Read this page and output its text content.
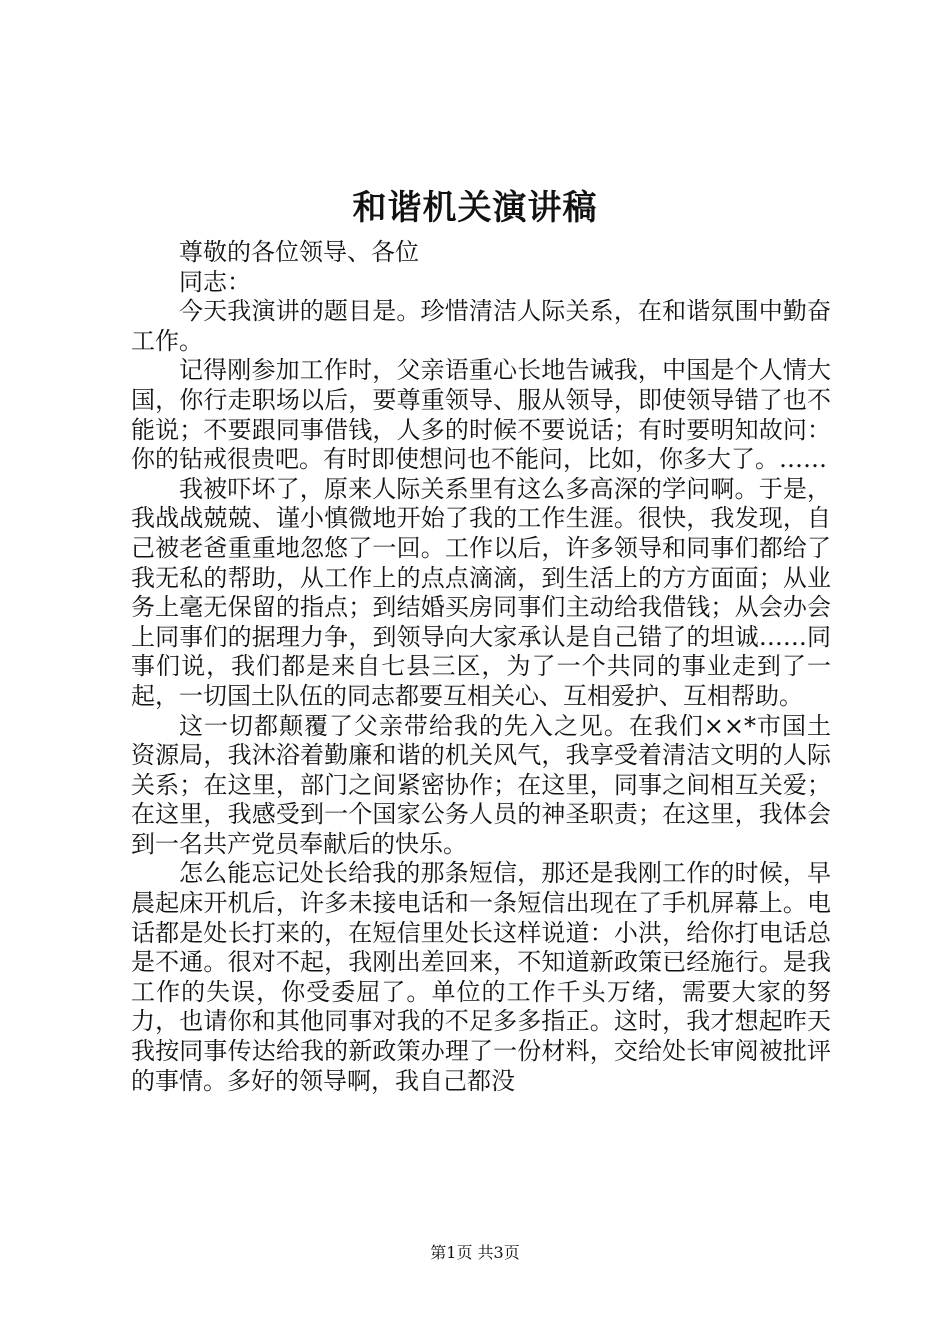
和谐机关演讲稿

尊敬的各位领导、各位

同志：

今天我演讲的题目是。珍惜清洁人际关系，在和谐氛围中勤奋工作。

记得刚参加工作时，父亲语重心长地告诫我，中国是个人情大国，你行走职场以后，要尊重领导、服从领导，即使领导错了也不能说；不要跟同事借钱，人多的时候不要说话；有时要明知故问：你的钻戒很贵吧。有时即使想问也不能问，比如，你多大了。……

我被吓坏了，原来人际关系里有这么多高深的学问啊。于是，我战战兢兢、谨小慎微地开始了我的工作生涯。很快，我发现，自己被老爸重重地忽悠了一回。工作以后，许多领导和同事们都给了我无私的帮助，从工作上的点点滴滴，到生活上的方方面面；从业务上毫无保留的指点；到结婚买房同事们主动给我借钱；从会办会上同事们的据理力争，到领导向大家承认是自己错了的坦诚……同事们说，我们都是来自七县三区，为了一个共同的事业走到了一起，一切国土队伍的同志都要互相关心、互相爱护、互相帮助。

这一切都颠覆了父亲带给我的先入之见。在我们××*市国土资源局，我沐浴着勤廉和谐的机关风气，我享受着清洁文明的人际关系；在这里，部门之间紧密协作；在这里，同事之间相互关爱；在这里，我感受到一个国家公务人员的神圣职责；在这里，我体会到一名共产党员奉献后的快乐。

怎么能忘记处长给我的那条短信，那还是我刚工作的时候，早晨起床开机后，许多未接电话和一条短信出现在了手机屏幕上。电话都是处长打来的，在短信里处长这样说道：小洪，给你打电话总是不通。很对不起，我刚出差回来，不知道新政策已经施行。是我工作的失误，你受委屈了。单位的工作千头万绪，需要大家的努力，也请你和其他同事对我的不足多多指正。这时，我才想起昨天我按同事传达给我的新政策办理了一份材料，交给处长审阅被批评的事情。多好的领导啊，我自己都没

第1页 共3页
